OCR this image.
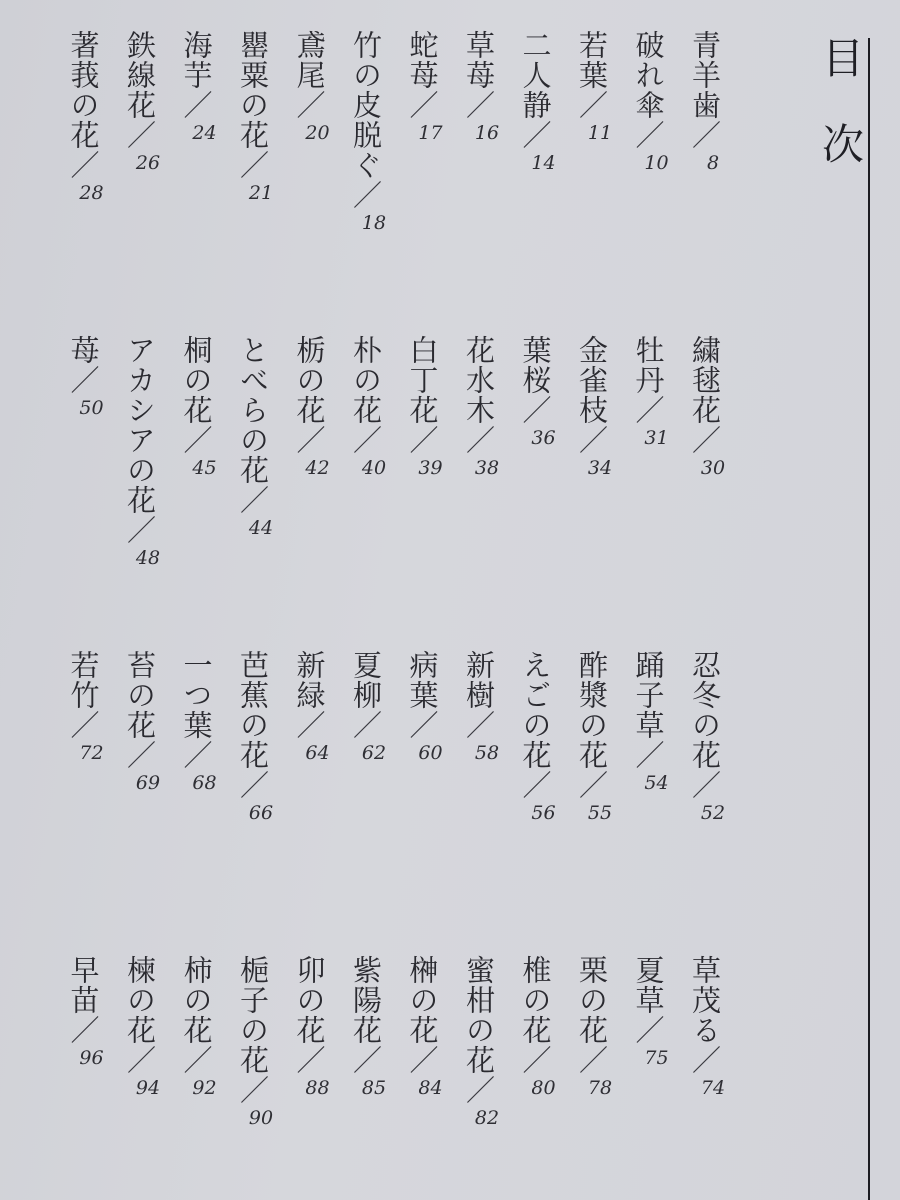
目次
青羊歯／8
破れ傘／10
若葉／11
二人静／14
草苺／16
蛇苺／17
竹の皮脱ぐ／18
鳶尾／20
罌粟の花／21
海芋／24
鉄線花／26
著莪の花／28
繍毬花／30
牡丹／31
金雀枝／34
葉桜／36
花水木／38
白丁花／39
朴の花／40
栃の花／42
とべらの花／44
桐の花／45
アカシアの花／48
苺／50
忍冬の花／52
踊子草／54
酢漿の花／55
えごの花／56
新樹／58
病葉／60
夏柳／62
新緑／64
芭蕉の花／66
一つ葉／68
苔の花／69
若竹／72
草茂る／74
夏草／75
栗の花／78
椎の花／80
蜜柑の花／82
榊の花／84
紫陽花／85
卯の花／88
梔子の花／90
柿の花／92
楝の花／94
早苗／96
